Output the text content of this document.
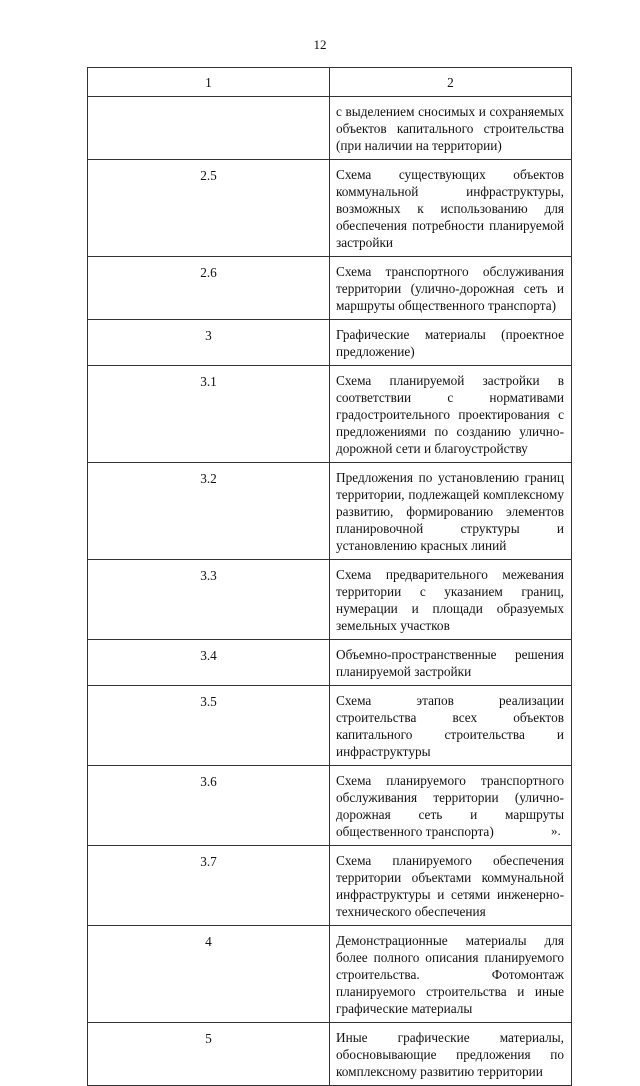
12
1	2
	с выделением сносимых и сохраняемых объектов капитального строительства (при наличии на территории)
2.5	Схема существующих объектов коммунальной инфраструктуры, возможных к использованию для обеспечения потребности планируемой застройки
2.6	Схема транспортного обслуживания территории (улично-дорожная сеть и маршруты общественного транспорта)
3	Графические материалы (проектное предложение)
3.1	Схема планируемой застройки в соответствии с нормативами градостроительного проектирования с предложениями по созданию улично-дорожной сети и благоустройству
3.2	Предложения по установлению границ территории, подлежащей комплексному развитию, формированию элементов планировочной структуры и установлению красных линий
3.3	Схема предварительного межевания территории с указанием границ, нумерации и площади образуемых земельных участков
3.4	Объемно-пространственные решения планируемой застройки
3.5	Схема этапов реализации строительства всех объектов капитального строительства и инфраструктуры
3.6	Схема планируемого транспортного обслуживания территории (улично-дорожная сеть и маршруты общественного транспорта)
3.7	Схема планируемого обеспечения территории объектами коммунальной инфраструктуры и сетями инженерно-технического обеспечения
4	Демонстрационные материалы для более полного описания планируемого строительства. Фотомонтаж планируемого строительства и иные графические материалы
5	Иные графические материалы, обосновывающие предложения по комплексному развитию территории
».
